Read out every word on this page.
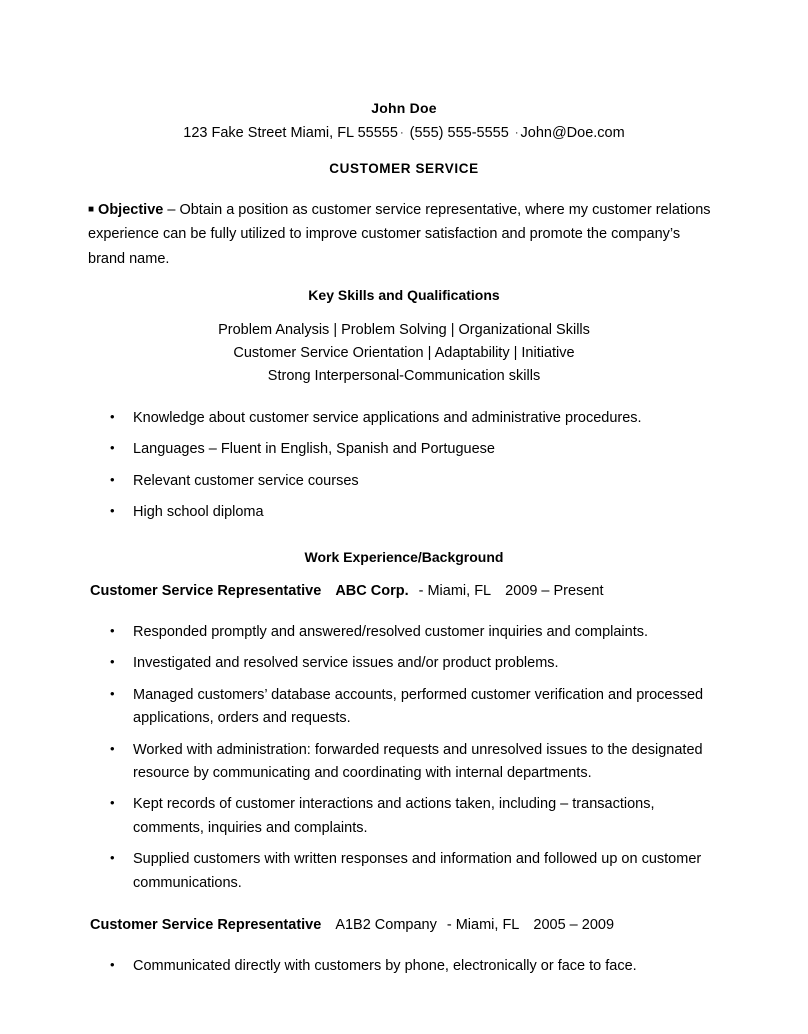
John Doe
123 Fake Street Miami, FL 55555 · (555) 555-5555 · John@Doe.com
CUSTOMER SERVICE

■ Objective – Obtain a position as customer service representative, where my customer relations experience can be fully utilized to improve customer satisfaction and promote the company’s brand name.

Key Skills and Qualifications
Problem Analysis | Problem Solving | Organizational Skills
Customer Service Orientation | Adaptability | Initiative
Strong Interpersonal-Communication skills
• Knowledge about customer service applications and administrative procedures.
• Languages – Fluent in English, Spanish and Portuguese
• Relevant customer service courses
• High school diploma
Work Experience/Background
Customer Service Representative ABC Corp. - Miami, FL 2009 – Present
• Responded promptly and answered/resolved customer inquiries and complaints.
• Investigated and resolved service issues and/or product problems.
• Managed customers’ database accounts, performed customer verification and processed applications, orders and requests.
• Worked with administration: forwarded requests and unresolved issues to the designated resource by communicating and coordinating with internal departments.
• Kept records of customer interactions and actions taken, including – transactions, comments, inquiries and complaints.
• Supplied customers with written responses and information and followed up on customer communications.
Customer Service Representative A1B2 Company - Miami, FL 2005 – 2009
• Communicated directly with customers by phone, electronically or face to face.
